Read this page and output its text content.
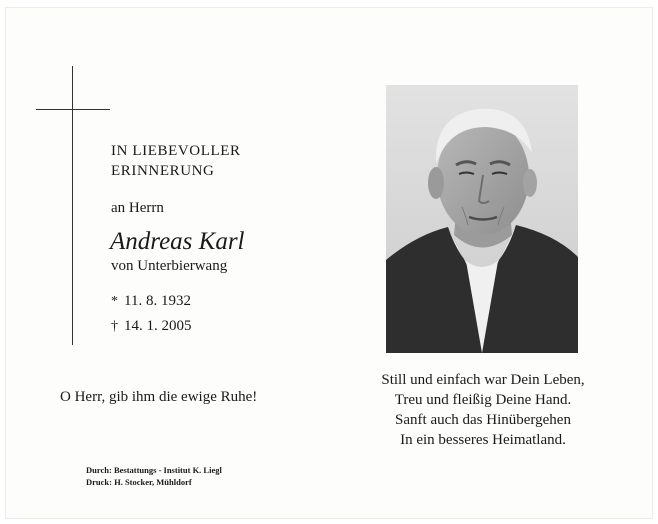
IN LIEBEVOLLER
ERINNERUNG
an Herrn
Andreas Karl
von Unterbierwang
* 11. 8. 1932
† 14. 1. 2005
O Herr, gib ihm die ewige Ruhe!
Durch: Bestattungs - Institut K. Liegl
Druck: H. Stocker, Mühldorf
Still und einfach war Dein Leben,
Treu und fleißig Deine Hand.
Sanft auch das Hinübergehen
In ein besseres Heimatland.
